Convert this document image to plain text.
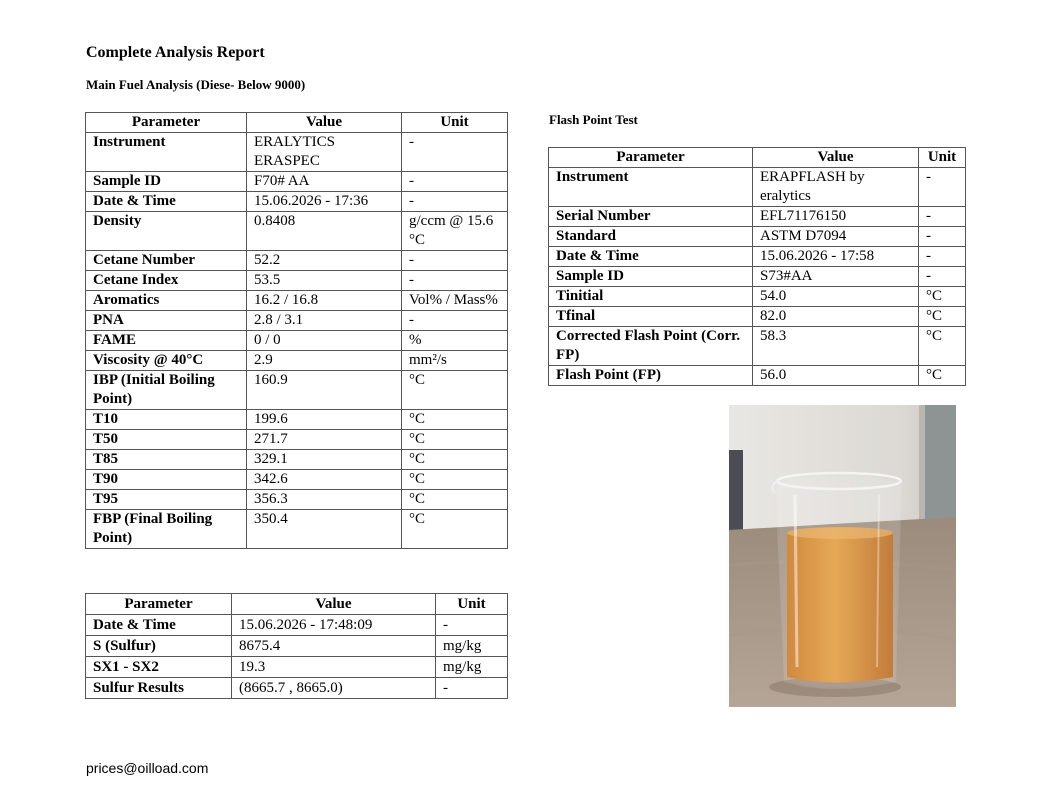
Complete Analysis Report
Main Fuel Analysis (Diese- Below 9000)
Flash Point Test
Parameter	Value	Unit
Instrument	ERALYTICS ERASPEC	-
Sample ID	F70# AA	-
Date & Time	15.06.2026 - 17:36	-
Density	0.8408	g/ccm @ 15.6 °C
Cetane Number	52.2	-
Cetane Index	53.5	-
Aromatics	16.2 / 16.8	Vol% / Mass%
PNA	2.8 / 3.1	-
FAME	0 / 0	%
Viscosity @ 40°C	2.9	mm²/s
IBP (Initial Boiling Point)	160.9	°C
T10	199.6	°C
T50	271.7	°C
T85	329.1	°C
T90	342.6	°C
T95	356.3	°C
FBP (Final Boiling Point)	350.4	°C
Parameter	Value	Unit
Instrument	ERAPFLASH by eralytics	-
Serial Number	EFL71176150	-
Standard	ASTM D7094	-
Date & Time	15.06.2026 - 17:58	-
Sample ID	S73#AA	-
Tinitial	54.0	°C
Tfinal	82.0	°C
Corrected Flash Point (Corr. FP)	58.3	°C
Flash Point (FP)	56.0	°C
Parameter	Value	Unit
Date & Time	15.06.2026 - 17:48:09	-
S (Sulfur)	8675.4	mg/kg
SX1 - SX2	19.3	mg/kg
Sulfur Results	(8665.7 , 8665.0)	-
prices@oilload.com
